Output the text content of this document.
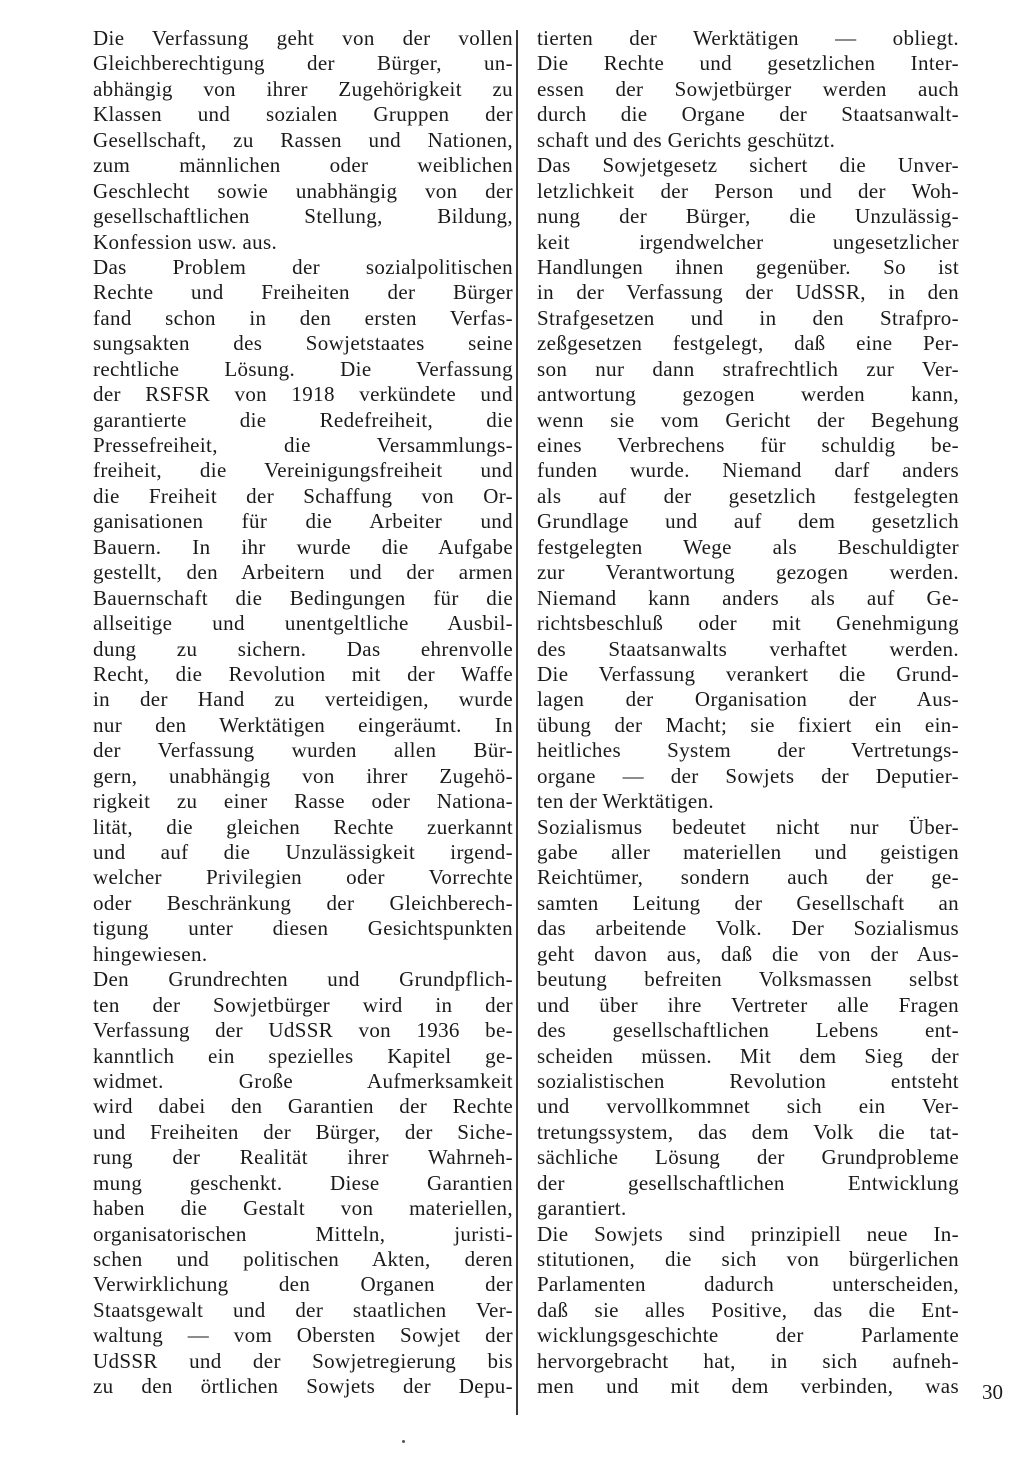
Die Verfassung geht von der vollen
Gleichberechtigung der Bürger, un-
abhängig von ihrer Zugehörigkeit zu
Klassen und sozialen Gruppen der
Gesellschaft, zu Rassen und Nationen,
zum männlichen oder weiblichen
Geschlecht sowie unabhängig von der
gesellschaftlichen Stellung, Bildung,
Konfession usw. aus.
Das Problem der sozialpolitischen
Rechte und Freiheiten der Bürger
fand schon in den ersten Verfas-
sungsakten des Sowjetstaates seine
rechtliche Lösung. Die Verfassung
der RSFSR von 1918 verkündete und
garantierte die Redefreiheit, die
Pressefreiheit, die Versammlungs-
freiheit, die Vereinigungsfreiheit und
die Freiheit der Schaffung von Or-
ganisationen für die Arbeiter und
Bauern. In ihr wurde die Aufgabe
gestellt, den Arbeitern und der armen
Bauernschaft die Bedingungen für die
allseitige und unentgeltliche Ausbil-
dung zu sichern. Das ehrenvolle
Recht, die Revolution mit der Waffe
in der Hand zu verteidigen, wurde
nur den Werktätigen eingeräumt. In
der Verfassung wurden allen Bür-
gern, unabhängig von ihrer Zugehö-
rigkeit zu einer Rasse oder Nationa-
lität, die gleichen Rechte zuerkannt
und auf die Unzulässigkeit irgend-
welcher Privilegien oder Vorrechte
oder Beschränkung der Gleichberech-
tigung unter diesen Gesichtspunkten
hingewiesen.
Den Grundrechten und Grundpflich-
ten der Sowjetbürger wird in der
Verfassung der UdSSR von 1936 be-
kanntlich ein spezielles Kapitel ge-
widmet. Große Aufmerksamkeit
wird dabei den Garantien der Rechte
und Freiheiten der Bürger, der Siche-
rung der Realität ihrer Wahrneh-
mung geschenkt. Diese Garantien
haben die Gestalt von materiellen,
organisatorischen Mitteln, juristi-
schen und politischen Akten, deren
Verwirklichung den Organen der
Staatsgewalt und der staatlichen Ver-
waltung — vom Obersten Sowjet der
UdSSR und der Sowjetregierung bis
zu den örtlichen Sowjets der Depu-
tierten der Werktätigen — obliegt.
Die Rechte und gesetzlichen Inter-
essen der Sowjetbürger werden auch
durch die Organe der Staatsanwalt-
schaft und des Gerichts geschützt.
Das Sowjetgesetz sichert die Unver-
letzlichkeit der Person und der Woh-
nung der Bürger, die Unzulässig-
keit irgendwelcher ungesetzlicher
Handlungen ihnen gegenüber. So ist
in der Verfassung der UdSSR, in den
Strafgesetzen und in den Strafpro-
zeßgesetzen festgelegt, daß eine Per-
son nur dann strafrechtlich zur Ver-
antwortung gezogen werden kann,
wenn sie vom Gericht der Begehung
eines Verbrechens für schuldig be-
funden wurde. Niemand darf anders
als auf der gesetzlich festgelegten
Grundlage und auf dem gesetzlich
festgelegten Wege als Beschuldigter
zur Verantwortung gezogen werden.
Niemand kann anders als auf Ge-
richtsbeschluß oder mit Genehmigung
des Staatsanwalts verhaftet werden.
Die Verfassung verankert die Grund-
lagen der Organisation der Aus-
übung der Macht; sie fixiert ein ein-
heitliches System der Vertretungs-
organe — der Sowjets der Deputier-
ten der Werktätigen.
Sozialismus bedeutet nicht nur Über-
gabe aller materiellen und geistigen
Reichtümer, sondern auch der ge-
samten Leitung der Gesellschaft an
das arbeitende Volk. Der Sozialismus
geht davon aus, daß die von der Aus-
beutung befreiten Volksmassen selbst
und über ihre Vertreter alle Fragen
des gesellschaftlichen Lebens ent-
scheiden müssen. Mit dem Sieg der
sozialistischen Revolution entsteht
und vervollkommnet sich ein Ver-
tretungssystem, das dem Volk die tat-
sächliche Lösung der Grundprobleme
der gesellschaftlichen Entwicklung
garantiert.
Die Sowjets sind prinzipiell neue In-
stitutionen, die sich von bürgerlichen
Parlamenten dadurch unterscheiden,
daß sie alles Positive, das die Ent-
wicklungsgeschichte der Parlamente
hervorgebracht hat, in sich aufneh-
men und mit dem verbinden, was 30
